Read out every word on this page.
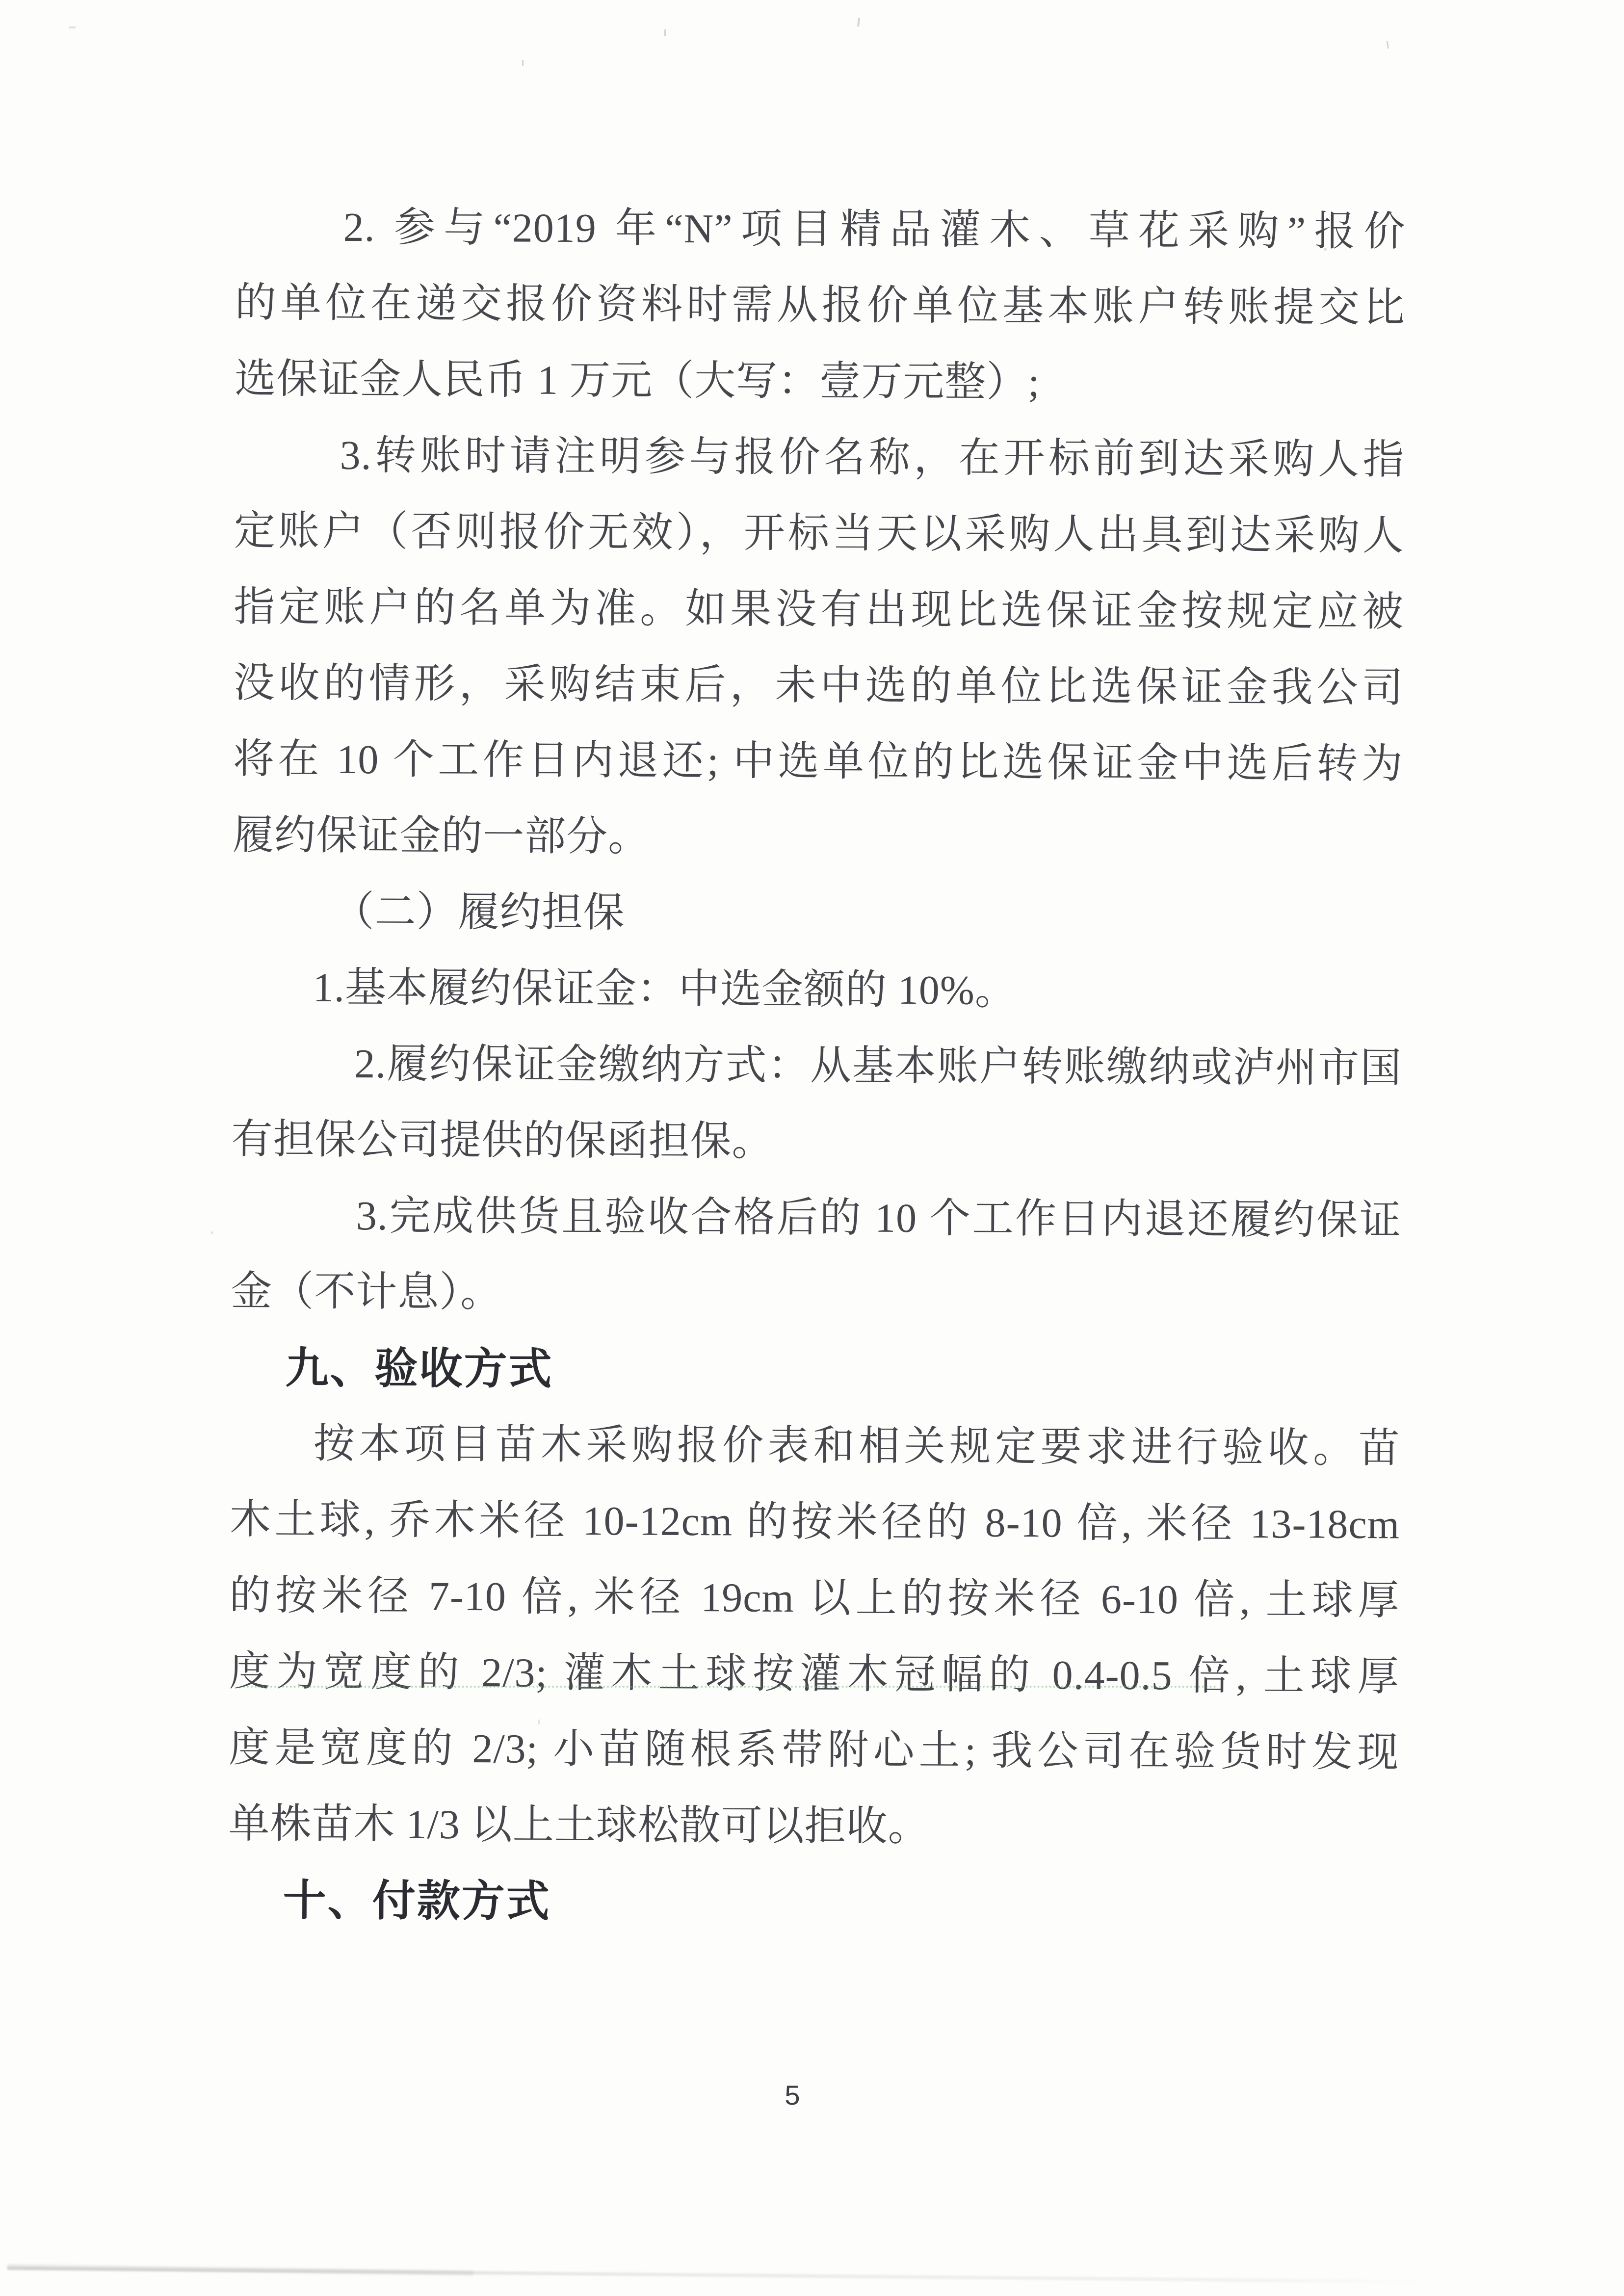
2. 参与“2019 年“N”项目精品灌木、草花采购”报价
的单位在递交报价资料时需从报价单位基本账户转账提交比
选保证金人民币 1 万元（大写：壹万元整）;
3.转账时请注明参与报价名称，在开标前到达采购人指
定账户（否则报价无效），开标当天以采购人出具到达采购人
指定账户的名单为准。如果没有出现比选保证金按规定应被
没收的情形，采购结束后，未中选的单位比选保证金我公司
将在 10 个工作日内退还; 中选单位的比选保证金中选后转为
履约保证金的一部分。
（二）履约担保
1.基本履约保证金：中选金额的 10%。
2.履约保证金缴纳方式：从基本账户转账缴纳或泸州市国
有担保公司提供的保函担保。
3.完成供货且验收合格后的 10 个工作日内退还履约保证
金（不计息）。
九、验收方式
按本项目苗木采购报价表和相关规定要求进行验收。苗
木土球, 乔木米径 10-12cm 的按米径的 8-10 倍, 米径 13-18cm
的按米径 7-10 倍, 米径 19cm 以上的按米径 6-10 倍, 土球厚
度为宽度的 2/3; 灌木土球按灌木冠幅的 0.4-0.5 倍, 土球厚
度是宽度的 2/3; 小苗随根系带附心土; 我公司在验货时发现
单株苗木 1/3 以上土球松散可以拒收。
十、付款方式
5
